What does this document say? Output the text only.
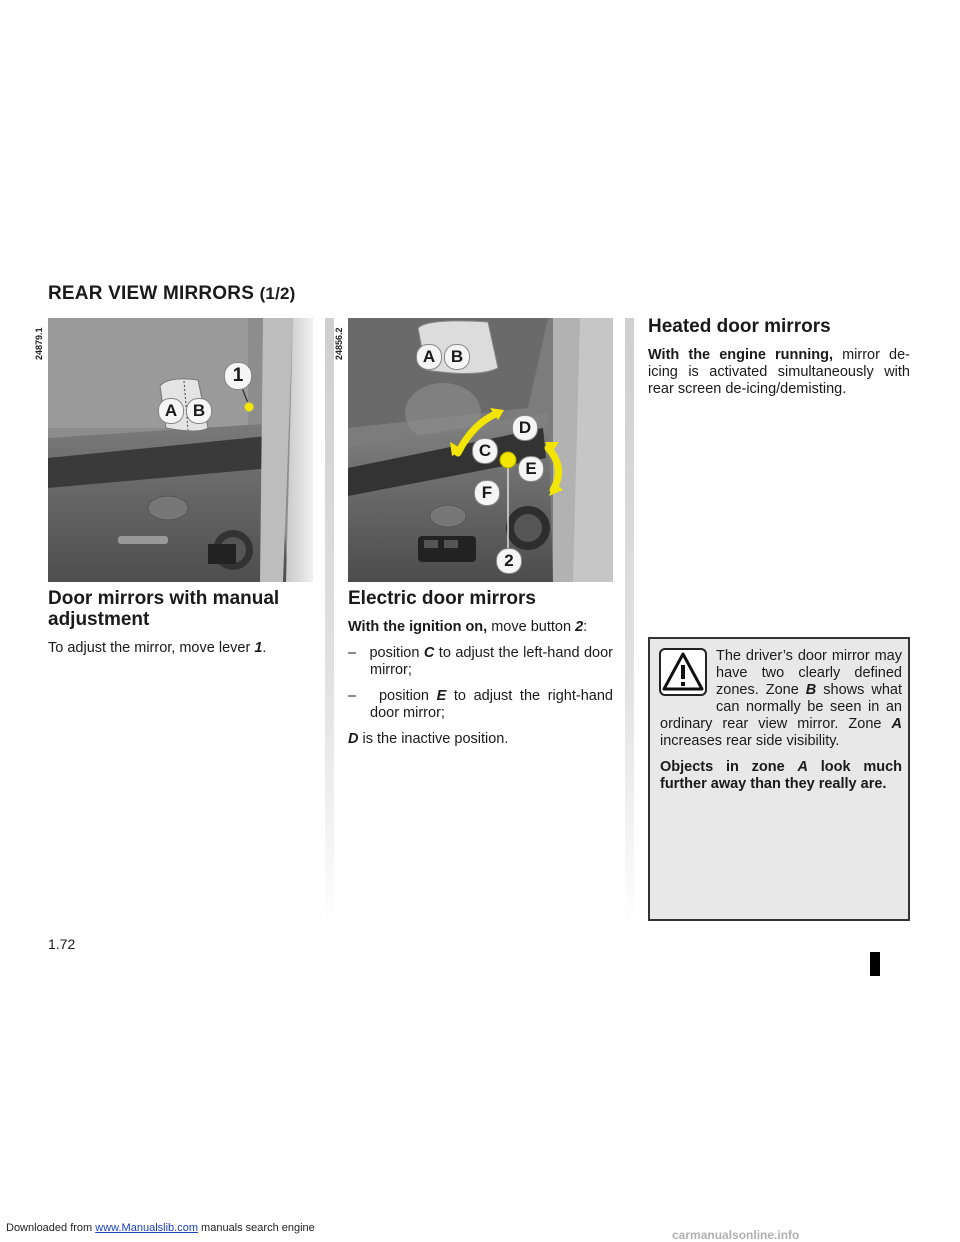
Downloaded from www.Manualslib.com manuals search engine
REAR VIEW MIRRORS (1/2)
24879.1	24856.2
1
A B
A B
C
D
E
F
2
Door mirrors with manual adjustment
To adjust the mirror, move lever 1.
Electric door mirrors
With the ignition on, move button 2:
– position C to adjust the left-hand door mirror;
– position E to adjust the right-hand door mirror;
D is the inactive position.
Heated door mirrors
With the engine running, mirror de-icing is activated simultaneously with rear screen de-icing/demisting.
The driver’s door mirror may have two clearly defined zones. Zone B shows what can normally be seen in an ordinary rear view mirror. Zone A increases rear side visibility.
Objects in zone A look much further away than they really are.
1.72
carmanualsonline.info
